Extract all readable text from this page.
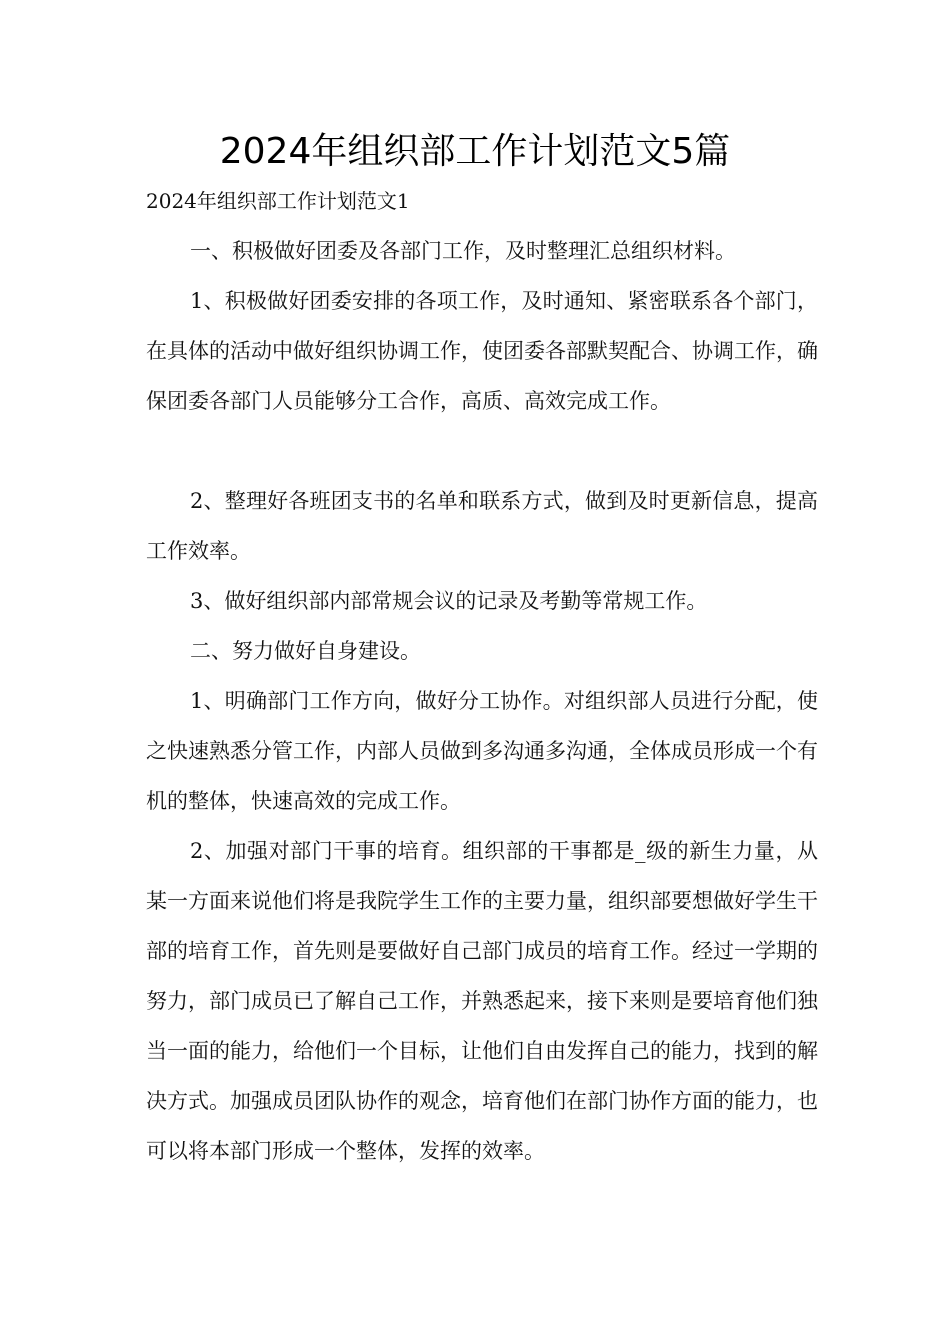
2024年组织部工作计划范文5篇
2024年组织部工作计划范文1
一、积极做好团委及各部门工作，及时整理汇总组织材料。
1、积极做好团委安排的各项工作，及时通知、紧密联系各个部门，在具体的活动中做好组织协调工作，使团委各部默契配合、协调工作，确保团委各部门人员能够分工合作，高质、高效完成工作。
2、整理好各班团支书的名单和联系方式，做到及时更新信息，提高工作效率。
3、做好组织部内部常规会议的记录及考勤等常规工作。
二、努力做好自身建设。
1、明确部门工作方向，做好分工协作。对组织部人员进行分配，使之快速熟悉分管工作，内部人员做到多沟通多沟通，全体成员形成一个有机的整体，快速高效的完成工作。
2、加强对部门干事的培育。组织部的干事都是_级的新生力量，从某一方面来说他们将是我院学生工作的主要力量，组织部要想做好学生干部的培育工作，首先则是要做好自己部门成员的培育工作。经过一学期的努力，部门成员已了解自己工作，并熟悉起来，接下来则是要培育他们独当一面的能力，给他们一个目标，让他们自由发挥自己的能力，找到的解决方式。加强成员团队协作的观念，培育他们在部门协作方面的能力，也可以将本部门形成一个整体，发挥的效率。
